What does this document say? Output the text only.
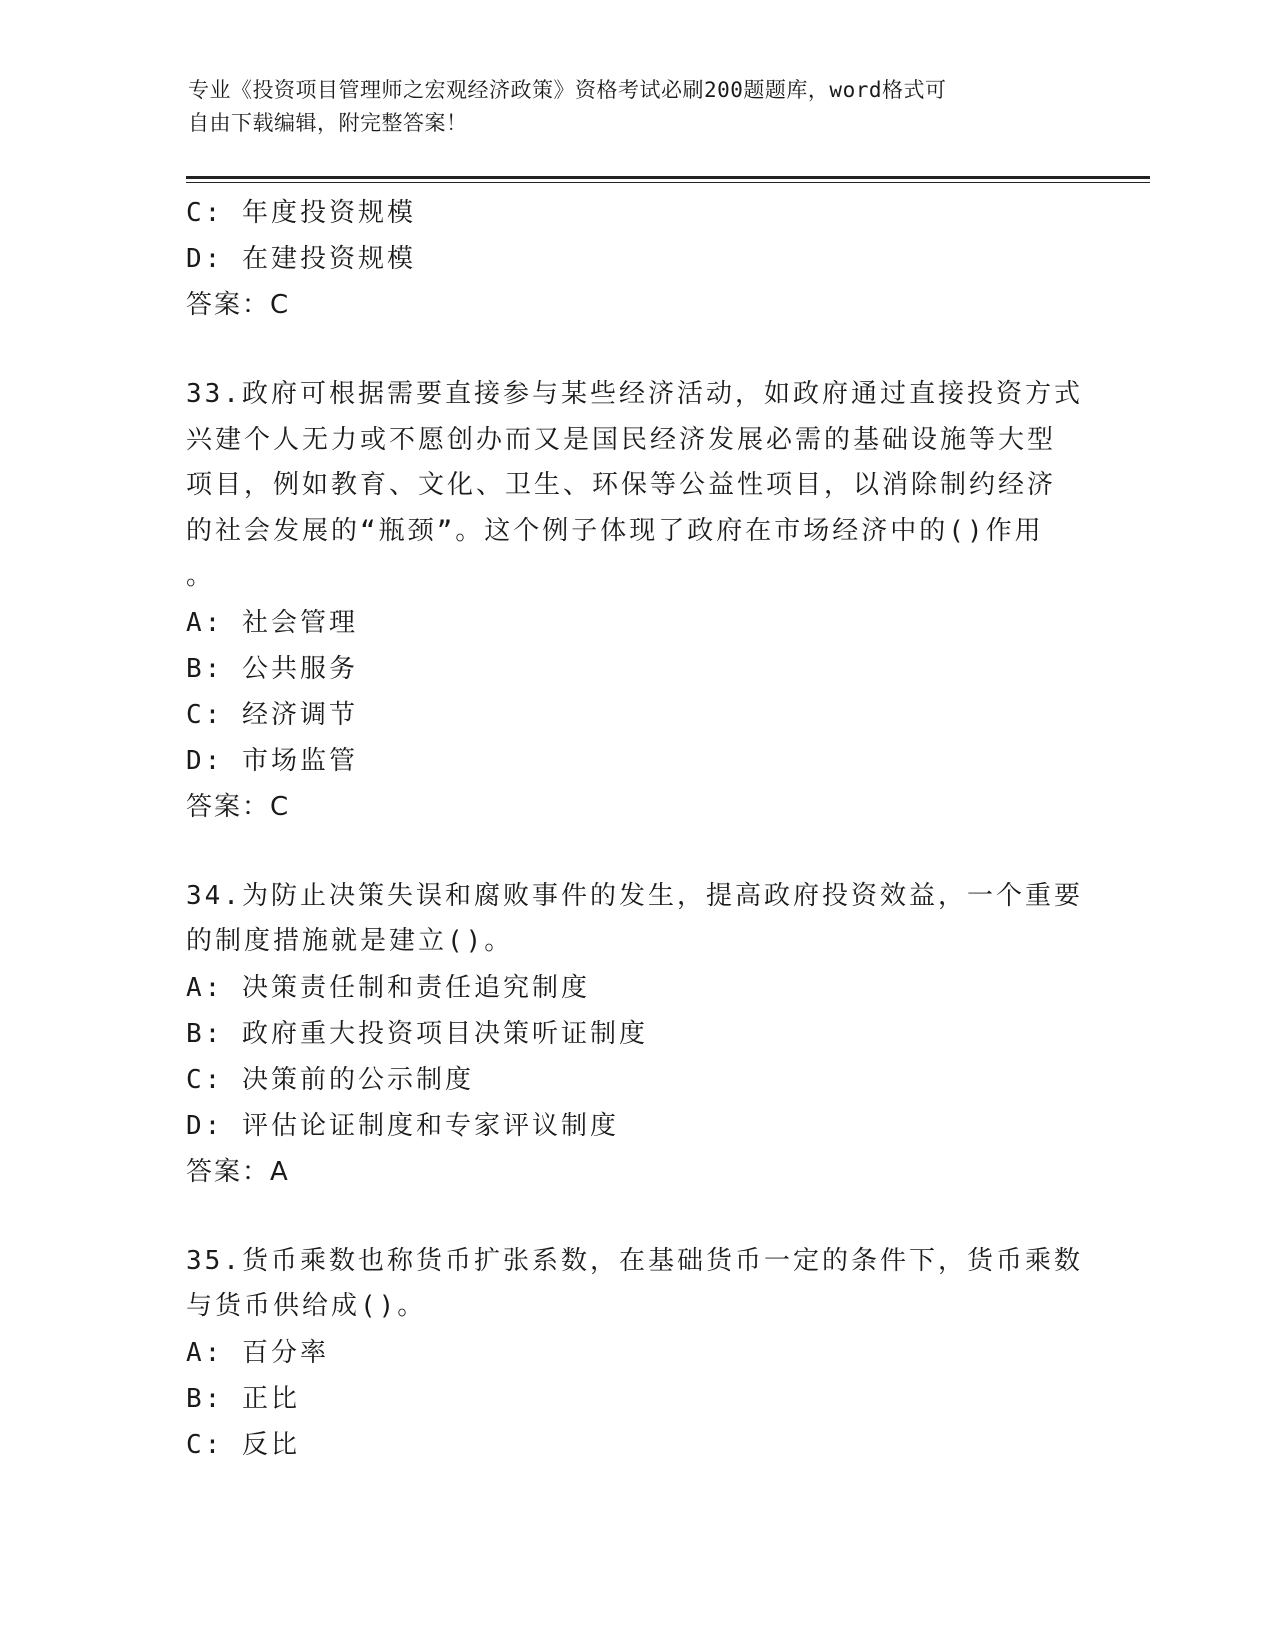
专业《投资项目管理师之宏观经济政策》资格考试必刷200题题库，word格式可
自由下载编辑，附完整答案！
C: 年度投资规模
D: 在建投资规模
答案：C
33.政府可根据需要直接参与某些经济活动，如政府通过直接投资方式
兴建个人无力或不愿创办而又是国民经济发展必需的基础设施等大型
项目，例如教育、文化、卫生、环保等公益性项目，以消除制约经济
的社会发展的“瓶颈”。这个例子体现了政府在市场经济中的()作用
。
A: 社会管理
B: 公共服务
C: 经济调节
D: 市场监管
答案：C
34.为防止决策失误和腐败事件的发生，提高政府投资效益，一个重要
的制度措施就是建立()。
A: 决策责任制和责任追究制度
B: 政府重大投资项目决策听证制度
C: 决策前的公示制度
D: 评估论证制度和专家评议制度
答案：A
35.货币乘数也称货币扩张系数，在基础货币一定的条件下，货币乘数
与货币供给成()。
A: 百分率
B: 正比
C: 反比
